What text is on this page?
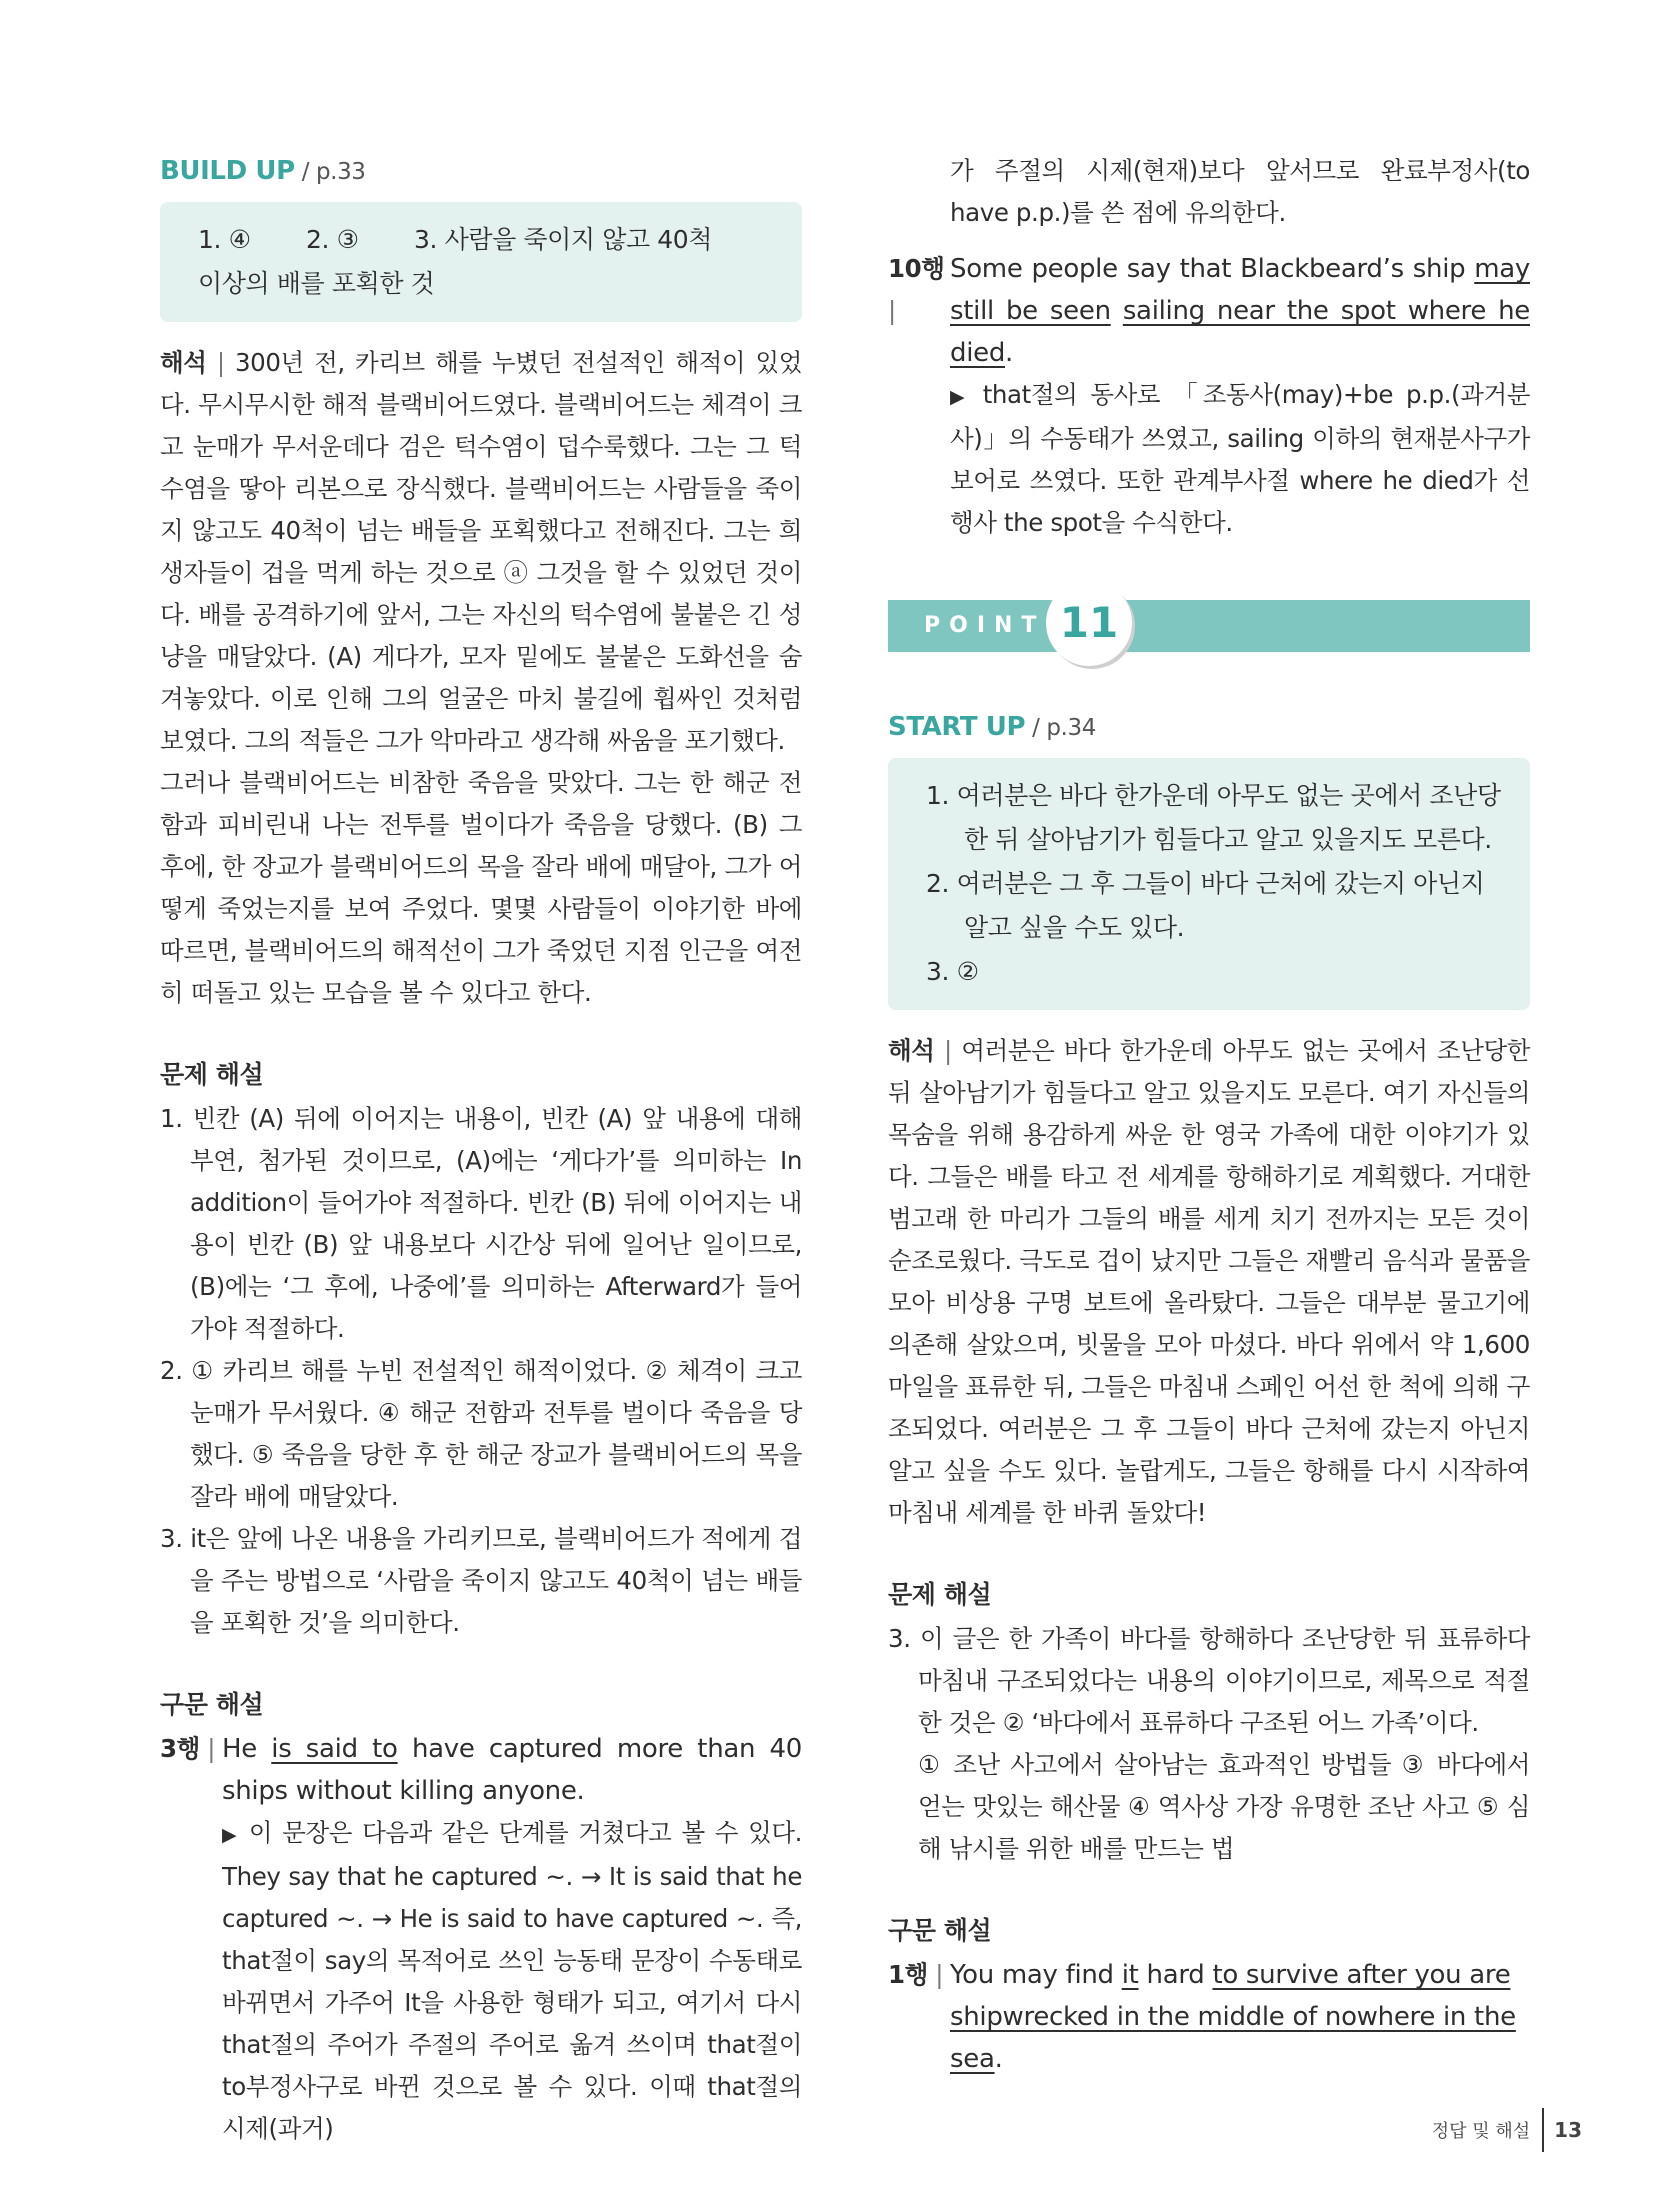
BUILD UP / p.33
1. ④ 2. ③ 3. 사람을 죽이지 않고 40척
이상의 배를 포획한 것

해석 | 300년 전, 카리브 해를 누볐던 전설적인 해적이 있었다. 무시무시한 해적 블랙비어드였다. 블랙비어드는 체격이 크고 눈매가 무서운데다 검은 턱수염이 덥수룩했다. 그는 그 턱수염을 땋아 리본으로 장식했다. 블랙비어드는 사람들을 죽이지 않고도 40척이 넘는 배들을 포획했다고 전해진다. 그는 희생자들이 겁을 먹게 하는 것으로 ⓐ 그것을 할 수 있었던 것이다. 배를 공격하기에 앞서, 그는 자신의 턱수염에 불붙은 긴 성냥을 매달았다. (A) 게다가, 모자 밑에도 불붙은 도화선을 숨겨놓았다. 이로 인해 그의 얼굴은 마치 불길에 휩싸인 것처럼 보였다. 그의 적들은 그가 악마라고 생각해 싸움을 포기했다.

그러나 블랙비어드는 비참한 죽음을 맞았다. 그는 한 해군 전함과 피비린내 나는 전투를 벌이다가 죽음을 당했다. (B) 그 후에, 한 장교가 블랙비어드의 목을 잘라 배에 매달아, 그가 어떻게 죽었는지를 보여 주었다. 몇몇 사람들이 이야기한 바에 따르면, 블랙비어드의 해적선이 그가 죽었던 지점 인근을 여전히 떠돌고 있는 모습을 볼 수 있다고 한다.

문제 해설
1. 빈칸 (A) 뒤에 이어지는 내용이, 빈칸 (A) 앞 내용에 대해 부연, 첨가된 것이므로, (A)에는 ‘게다가’를 의미하는 In addition이 들어가야 적절하다. 빈칸 (B) 뒤에 이어지는 내용이 빈칸 (B) 앞 내용보다 시간상 뒤에 일어난 일이므로, (B)에는 ‘그 후에, 나중에’를 의미하는 Afterward가 들어가야 적절하다.
2. ① 카리브 해를 누빈 전설적인 해적이었다. ② 체격이 크고 눈매가 무서웠다. ④ 해군 전함과 전투를 벌이다 죽음을 당했다. ⑤ 죽음을 당한 후 한 해군 장교가 블랙비어드의 목을 잘라 배에 매달았다.
3. it은 앞에 나온 내용을 가리키므로, 블랙비어드가 적에게 겁을 주는 방법으로 ‘사람을 죽이지 않고도 40척이 넘는 배들을 포획한 것’을 의미한다.
구문 해설
3행 | He is said to have captured more than 40 ships without killing anyone.

▶ 이 문장은 다음과 같은 단계를 거쳤다고 볼 수 있다. They say that he captured ~. → It is said that he captured ~. → He is said to have captured ~. 즉, that절이 say의 목적어로 쓰인 능동태 문장이 수동태로 바뀌면서 가주어 It을 사용한 형태가 되고, 여기서 다시 that절의 주어가 주절의 주어로 옮겨 쓰이며 that절이 to부정사구로 바뀐 것으로 볼 수 있다. 이때 that절의 시제(과거)

가 주절의 시제(현재)보다 앞서므로 완료부정사(to have p.p.)를 쓴 점에 유의한다.

10행 |

Some people say that Blackbeard’s ship may still be seen sailing near the spot where he died.

▶ that절의 동사로 「조동사(may)+be p.p.(과거분사)」의 수동태가 쓰였고, sailing 이하의 현재분사구가 보어로 쓰였다. 또한 관계부사절 where he died가 선행사 the spot을 수식한다.

POINT 11
START UP / p.34
1. 여러분은 바다 한가운데 아무도 없는 곳에서 조난당한 뒤 살아남기가 힘들다고 알고 있을지도 모른다.
2. 여러분은 그 후 그들이 바다 근처에 갔는지 아닌지 알고 싶을 수도 있다.
3. ②

해석 | 여러분은 바다 한가운데 아무도 없는 곳에서 조난당한 뒤 살아남기가 힘들다고 알고 있을지도 모른다. 여기 자신들의 목숨을 위해 용감하게 싸운 한 영국 가족에 대한 이야기가 있다. 그들은 배를 타고 전 세계를 항해하기로 계획했다. 거대한 범고래 한 마리가 그들의 배를 세게 치기 전까지는 모든 것이 순조로웠다. 극도로 겁이 났지만 그들은 재빨리 음식과 물품을 모아 비상용 구명 보트에 올라탔다. 그들은 대부분 물고기에 의존해 살았으며, 빗물을 모아 마셨다. 바다 위에서 약 1,600마일을 표류한 뒤, 그들은 마침내 스페인 어선 한 척에 의해 구조되었다. 여러분은 그 후 그들이 바다 근처에 갔는지 아닌지 알고 싶을 수도 있다. 놀랍게도, 그들은 항해를 다시 시작하여 마침내 세계를 한 바퀴 돌았다!

문제 해설
3. 이 글은 한 가족이 바다를 항해하다 조난당한 뒤 표류하다 마침내 구조되었다는 내용의 이야기이므로, 제목으로 적절한 것은 ② ‘바다에서 표류하다 구조된 어느 가족’이다.
① 조난 사고에서 살아남는 효과적인 방법들 ③ 바다에서 얻는 맛있는 해산물 ④ 역사상 가장 유명한 조난 사고 ⑤ 심해 낚시를 위한 배를 만드는 법
구문 해설
1행 | You may find it hard to survive after you are shipwrecked in the middle of nowhere in the sea.

정답 및 해설 13
